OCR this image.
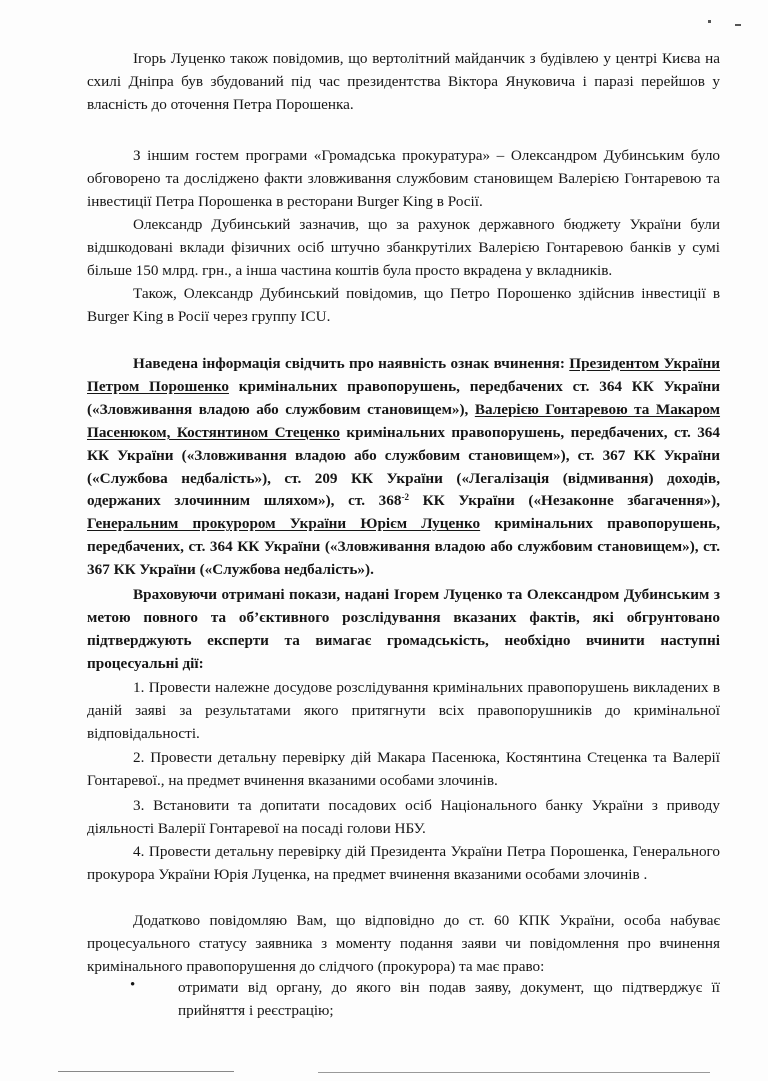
Ігорь Луценко також повідомив, що вертолітний майданчик з будівлею у центрі Києва на схилі Дніпра був збудований під час президентства Віктора Януковича і паразі перейшов у власність до оточення Петра Порошенка.

З іншим гостем програми «Громадська прокуратура» – Олександром Дубинським було обговорено та досліджено факти зловживання службовим становищем Валерією Гонтаревою та інвестиції Петра Порошенка в ресторани Burger King в Росії.

Олександр Дубинський зазначив, що за рахунок державного бюджету України були відшкодовані вклади фізичних осіб штучно збанкрутілих Валерією Гонтаревою банків у сумі більше 150 млрд. грн., а інша частина коштів була просто вкрадена у вкладників.

Також, Олександр Дубинський повідомив, що Петро Порошенко здійснив інвестиції в Burger King в Росії через группу ICU.

Наведена інформація свідчить про наявність ознак вчинення: Президентом України Петром Порошенко кримінальних правопорушень, передбачених ст. 364 КК України («Зловживання владою або службовим становищем»), Валерією Гонтаревою та Макаром Пасенюком, Костянтином Стеценко кримінальних правопорушень, передбачених, ст. 364 КК України («Зловживання владою або службовим становищем»), ст. 367 КК України («Службова недбалість»), ст. 209 КК України («Легалізація (відмивання) доходів, одержаних злочинним шляхом»), ст. $368^{-2}$ КК України («Незаконне збагачення»), Генеральним прокурором України Юрієм Луценко кримінальних правопорушень, передбачених, ст. 364 КК України («Зловживання владою або службовим становищем»), ст. 367 КК України («Службова недбалість»).

Враховуючи отримані покази, надані Ігорем Луценко та Олександром Дубинським з метою повного та об’єктивного розслідування вказаних фактів, які обгрунтовано підтверджують експерти та вимагає громадськість, необхідно вчинити наступні процесуальні дії:

1. Провести належне досудове розслідування кримінальних правопорушень викладених в даній заяві за результатами якого притягнути всіх правопорушників до кримінальної відповідальності.

2. Провести детальну перевірку дій Макара Пасенюка, Костянтина Стеценка та Валерії Гонтаревої., на предмет вчинення вказаними особами злочинів.

3. Встановити та допитати посадових осіб Національного банку України з приводу діяльності Валерії Гонтаревої на посаді голови НБУ.

4. Провести детальну перевірку дій Президента України Петра Порошенка, Генерального прокурора України Юрія Луценка, на предмет вчинення вказаними особами злочинів .

Додатково повідомляю Вам, що відповідно до ст. 60 КПК України, особа набуває процесуального статусу заявника з моменту подання заяви чи повідомлення про вчинення кримінального правопорушення до слідчого (прокурора) та має право:

•	отримати від органу, до якого він подав заяву, документ, що підтверджує її прийняття і реєстрацію;
